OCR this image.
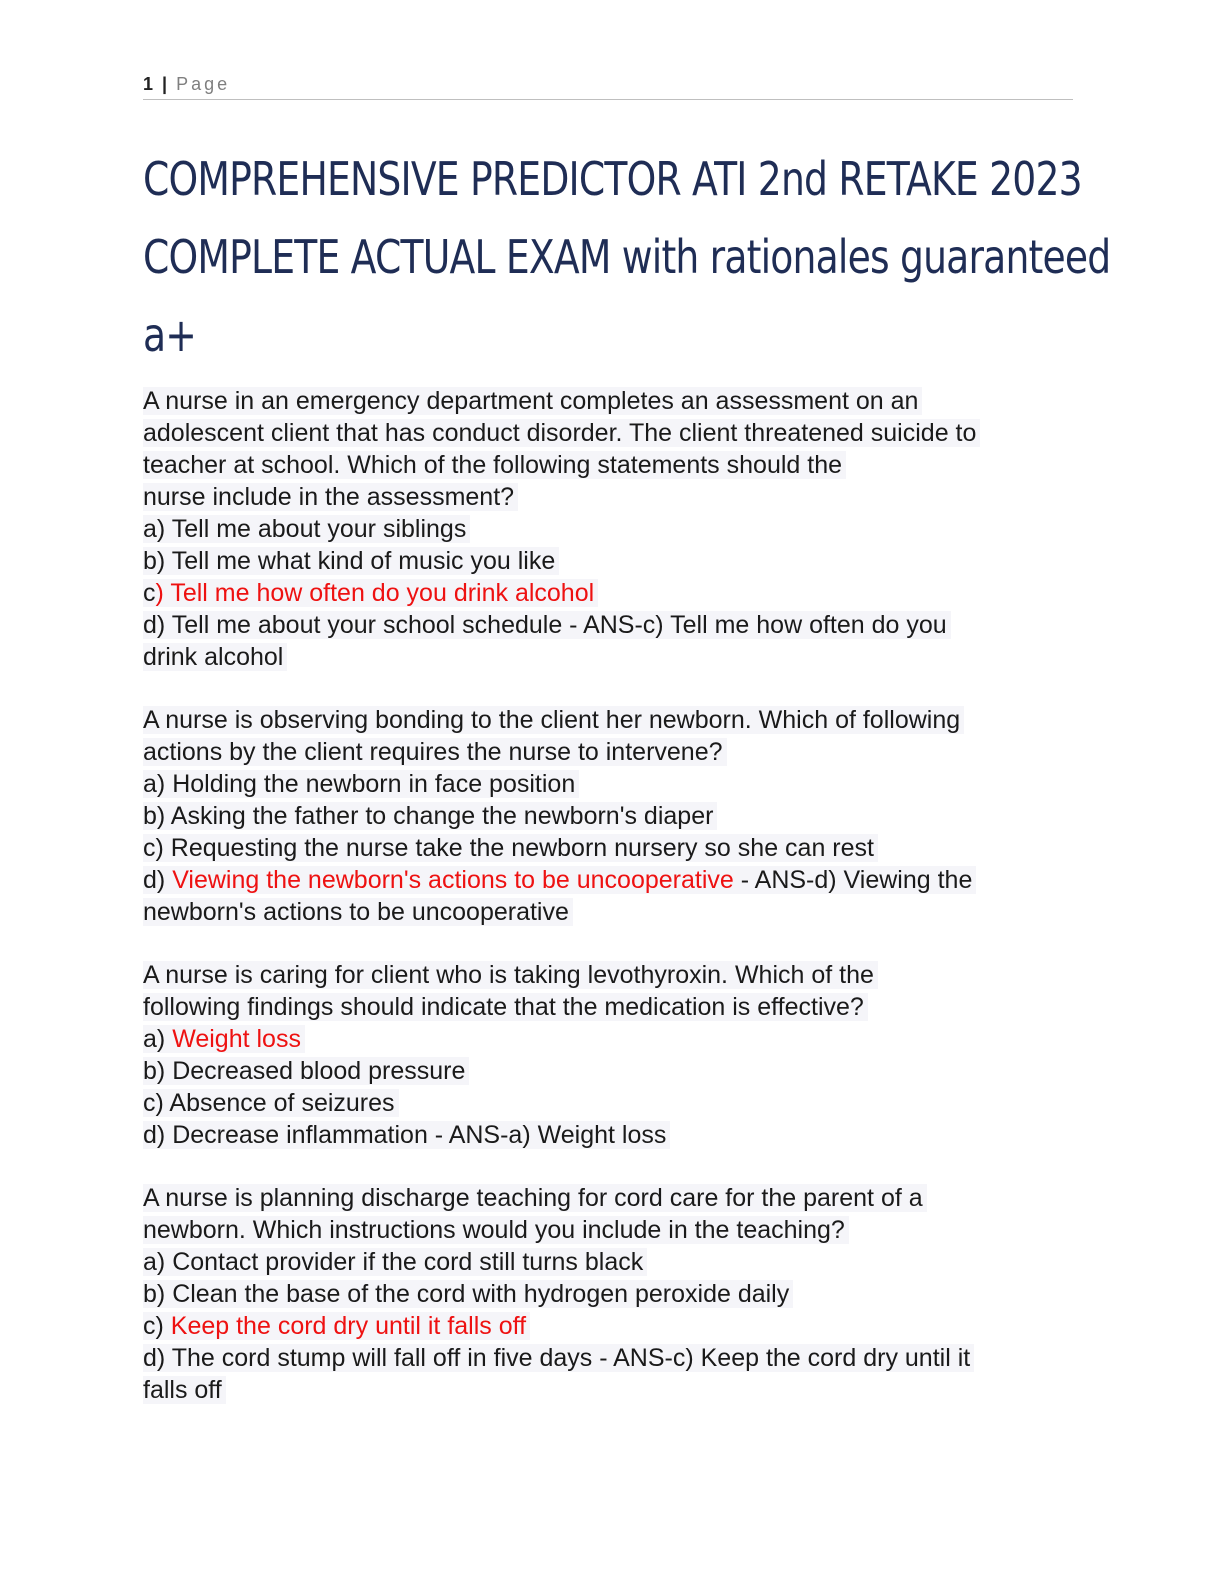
1 | Page
COMPREHENSIVE PREDICTOR ATI 2nd RETAKE 2023
COMPLETE ACTUAL EXAM with rationales guaranteed
a+
A nurse in an emergency department completes an assessment on an
adolescent client that has conduct disorder. The client threatened suicide to
teacher at school. Which of the following statements should the
nurse include in the assessment?
a) Tell me about your siblings
b) Tell me what kind of music you like
c) Tell me how often do you drink alcohol
d) Tell me about your school schedule - ANS-c) Tell me how often do you
drink alcohol
A nurse is observing bonding to the client her newborn. Which of following
actions by the client requires the nurse to intervene?
a) Holding the newborn in face position
b) Asking the father to change the newborn's diaper
c) Requesting the nurse take the newborn nursery so she can rest
d) Viewing the newborn's actions to be uncooperative - ANS-d) Viewing the
newborn's actions to be uncooperative
A nurse is caring for client who is taking levothyroxin. Which of the
following findings should indicate that the medication is effective?
a) Weight loss
b) Decreased blood pressure
c) Absence of seizures
d) Decrease inflammation - ANS-a) Weight loss
A nurse is planning discharge teaching for cord care for the parent of a
newborn. Which instructions would you include in the teaching?
a) Contact provider if the cord still turns black
b) Clean the base of the cord with hydrogen peroxide daily
c) Keep the cord dry until it falls off
d) The cord stump will fall off in five days - ANS-c) Keep the cord dry until it
falls off
